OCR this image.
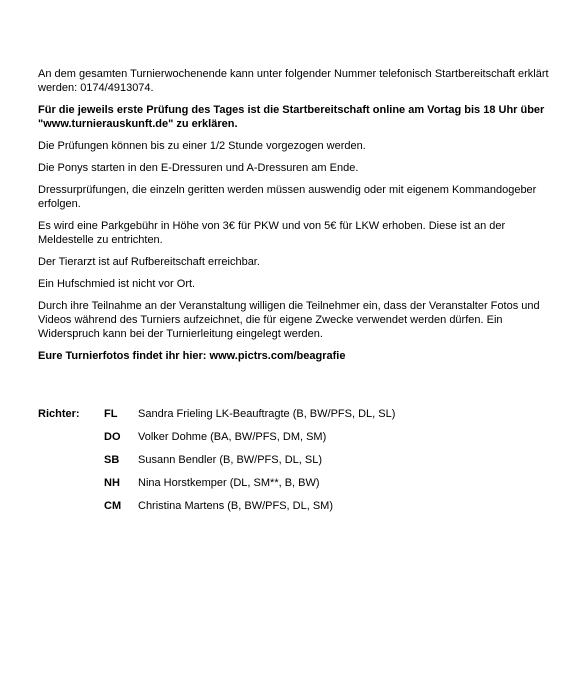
An dem gesamten Turnierwochenende kann unter folgender Nummer telefonisch Startbereitschaft erklärt werden: 0174/4913074.

Für die jeweils erste Prüfung des Tages ist die Startbereitschaft online am Vortag bis 18 Uhr über "www.turnierauskunft.de" zu erklären.

Die Prüfungen können bis zu einer 1/2 Stunde vorgezogen werden.

Die Ponys starten in den E-Dressuren und A-Dressuren am Ende.

Dressurprüfungen, die einzeln geritten werden müssen auswendig oder mit eigenem Kommandogeber erfolgen.

Es wird eine Parkgebühr in Höhe von 3€ für PKW und von 5€ für LKW erhoben. Diese ist an der Meldestelle zu entrichten.

Der Tierarzt ist auf Rufbereitschaft erreichbar.

Ein Hufschmied ist nicht vor Ort.

Durch ihre Teilnahme an der Veranstaltung willigen die Teilnehmer ein, dass der Veranstalter Fotos und Videos während des Turniers aufzeichnet, die für eigene Zwecke verwendet werden dürfen. Ein Widerspruch kann bei der Turnierleitung eingelegt werden.

Eure Turnierfotos findet ihr hier: www.pictrs.com/beagrafie

Richter: FL Sandra Frieling LK-Beauftragte (B, BW/PFS, DL, SL)
DO Volker Dohme (BA, BW/PFS, DM, SM)
SB Susann Bendler (B, BW/PFS, DL, SL)
NH Nina Horstkemper (DL, SM**, B, BW)
CM Christina Martens (B, BW/PFS, DL, SM)
